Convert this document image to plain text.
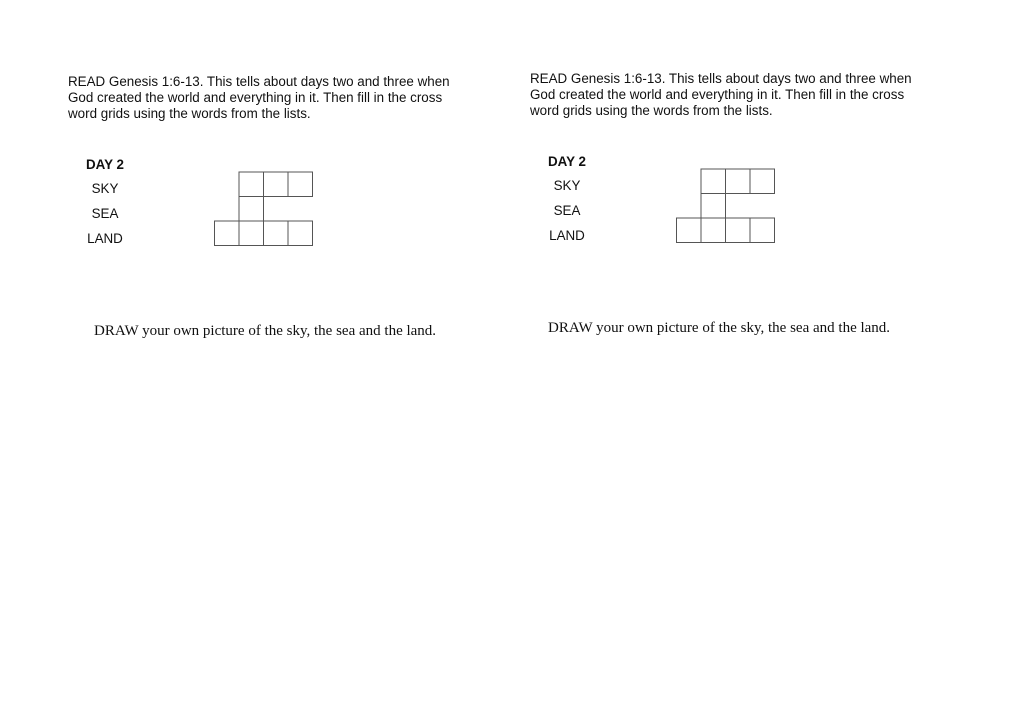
READ Genesis 1:6-13. This tells about days two and three when
God created the world and everything in it. Then fill in the cross
word grids using the words from the lists.
DAY 2
SKY
SEA
LAND
DRAW your own picture of the sky, the sea and the land.
READ Genesis 1:6-13. This tells about days two and three when
God created the world and everything in it. Then fill in the cross
word grids using the words from the lists.
DAY 2
SKY
SEA
LAND
DRAW your own picture of the sky, the sea and the land.
